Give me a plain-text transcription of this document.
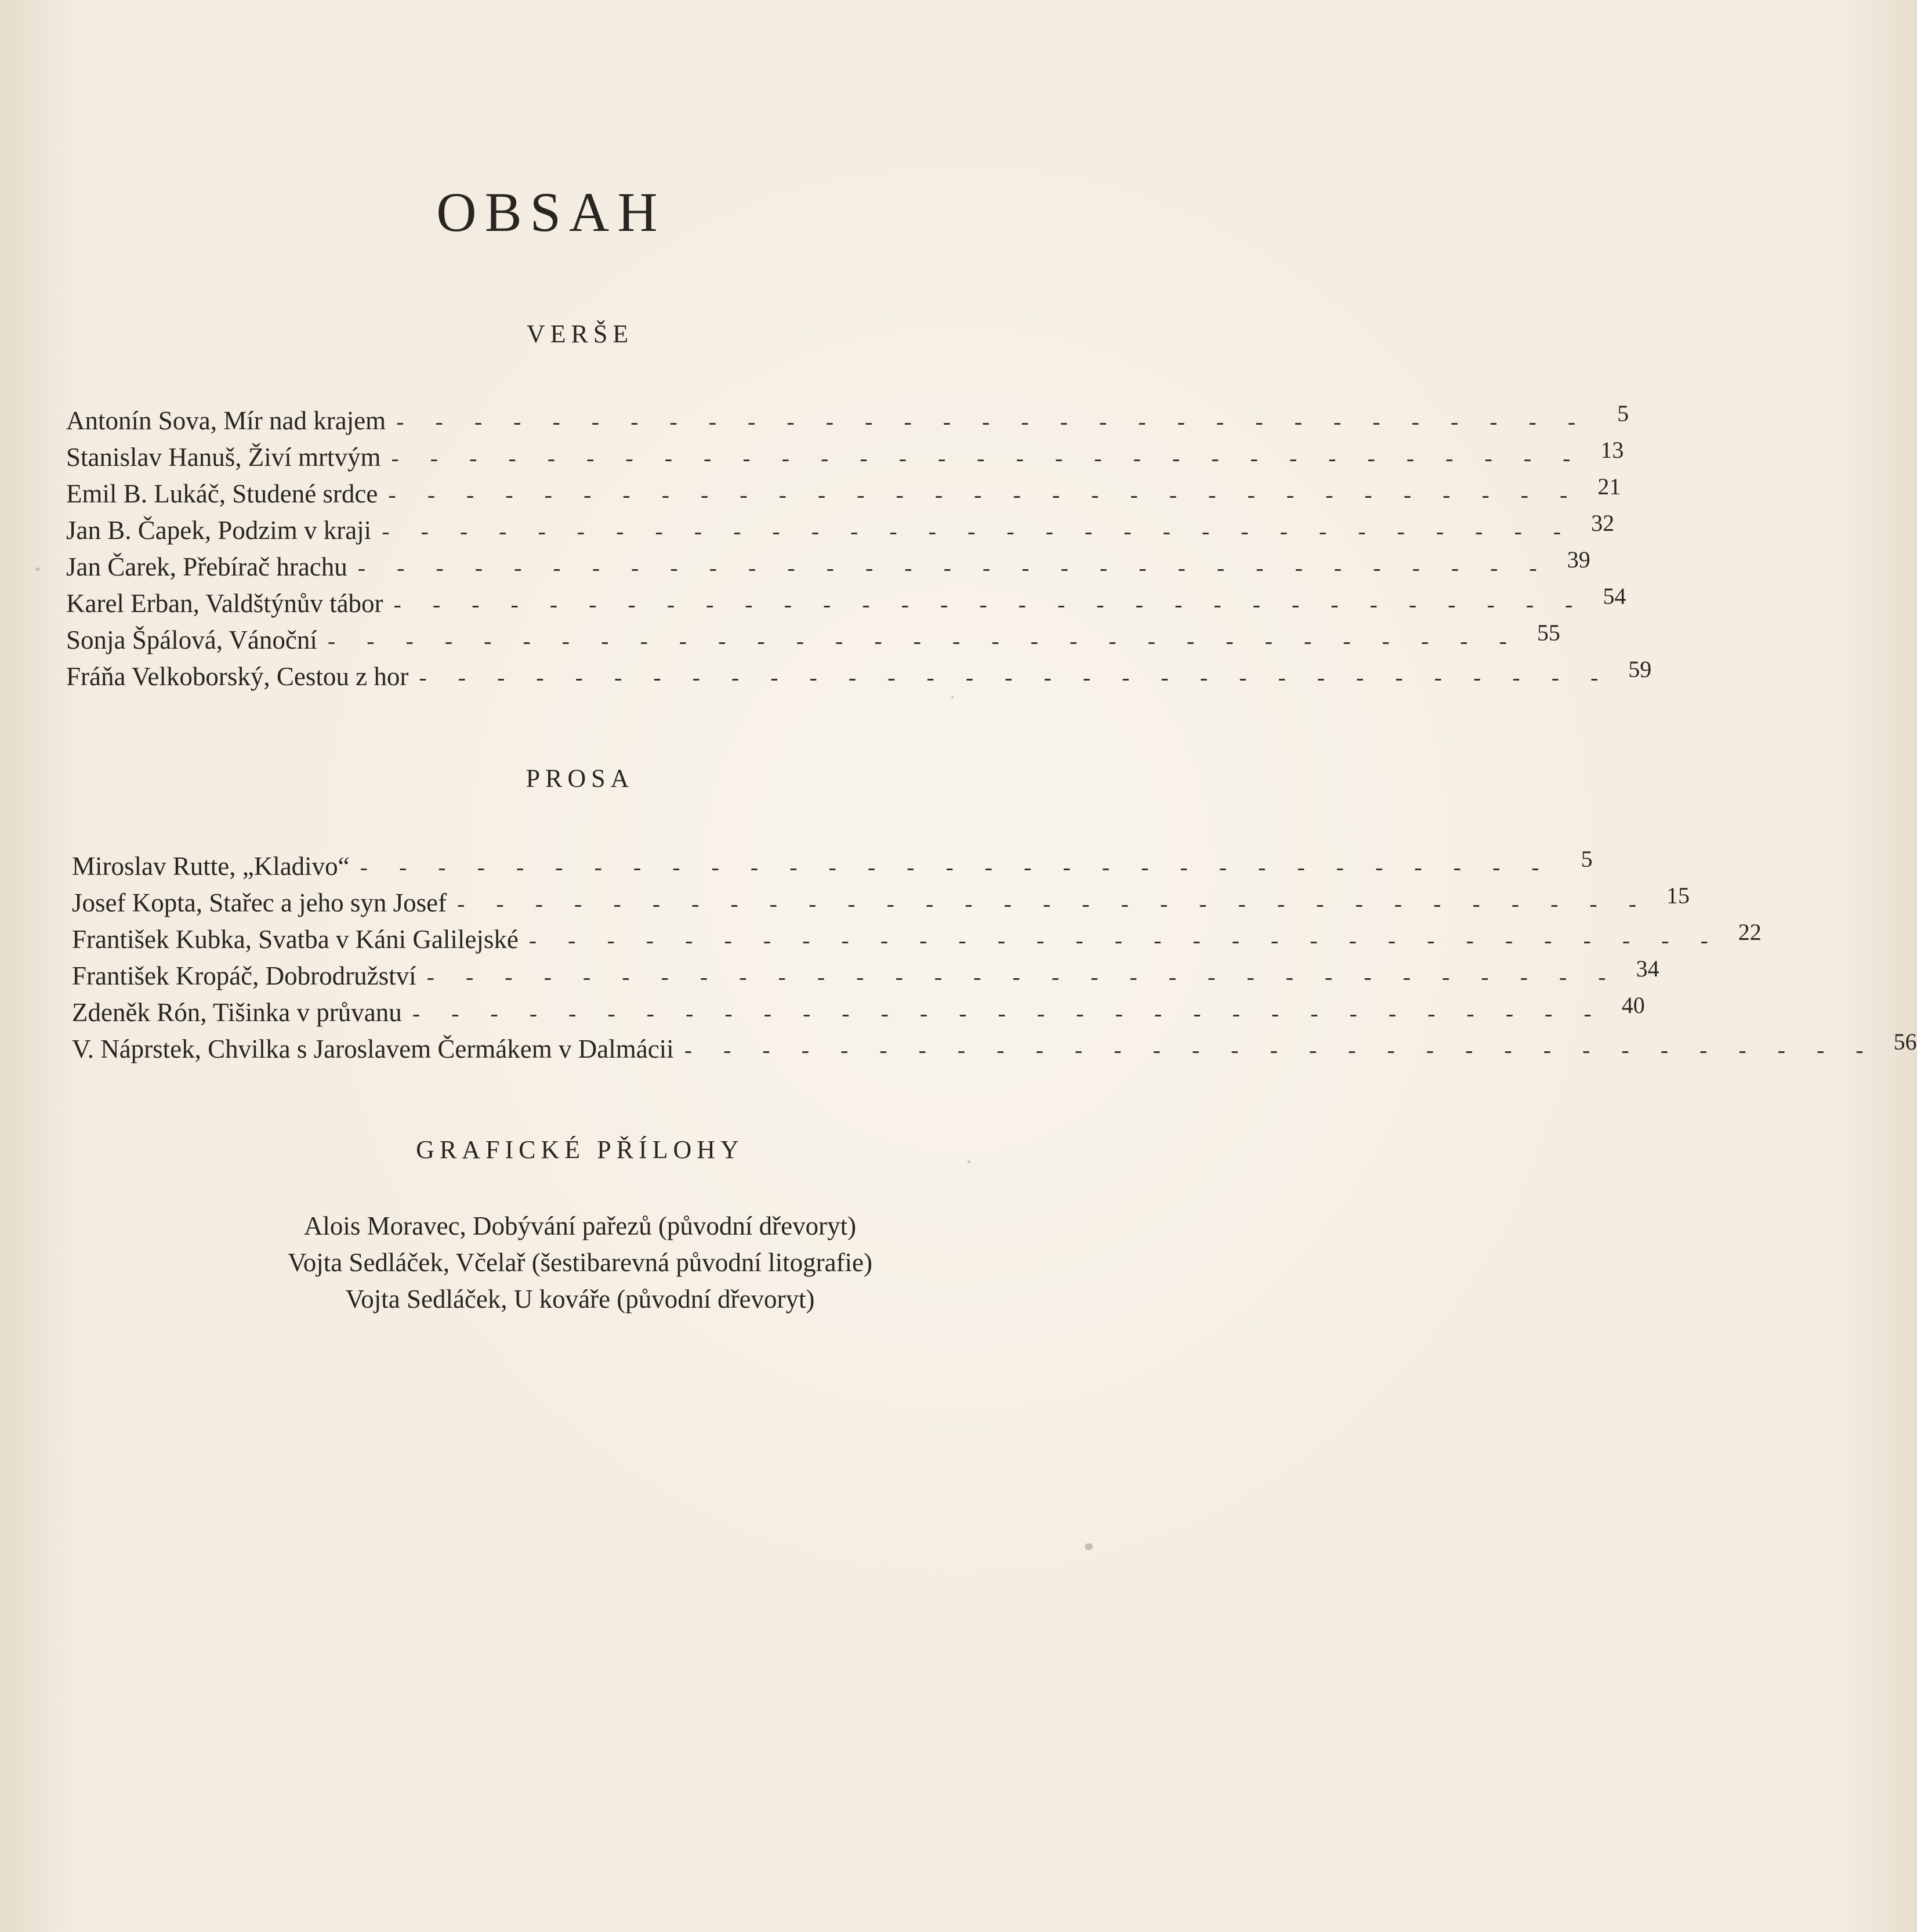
OBSAH
VERŠE
Antonín Sova, Mír nad krajem - - - - - - - - - - - - - - - - - - - - - - - - - - - - - - -	5
Stanislav Hanuš, Živí mrtvým - - - - - - - - - - - - - - - - - - - - - - - - - - - - - - - 13
Emil B. Lukáč, Studené srdce - - - - - - - - - - - - - - - - - - - - - - - - - - - - - - - 21
Jan B. Čapek, Podzim v kraji - - - - - - - - - - - - - - - - - - - - - - - - - - - - - - - 32
Jan Čarek, Přebírač hrachu - - - - - - - - - - - - - - - - - - - - - - - - - - - - - - - 39
Karel Erban, Valdštýnův tábor - - - - - - - - - - - - - - - - - - - - - - - - - - - - - - - 54
Sonja Špálová, Vánoční - - - - - - - - - - - - - - - - - - - - - - - - - - - - - - - 55
Fráňa Velkoborský, Cestou z hor - - - - - - - - - - - - - - - - - - - - - - - - - - - - - - - 59
PROSA
Miroslav Rutte, „Kladivo“ - - - - - - - - - - - - - - - - - - - - - - - - - - - - - - -	5
Josef Kopta, Stařec a jeho syn Josef - - - - - - - - - - - - - - - - - - - - - - - - - - - - - - - 15
František Kubka, Svatba v Káni Galilejské - - - - - - - - - - - - - - - - - - - - - - - - - - - - - - - 22
František Kropáč, Dobrodružství - - - - - - - - - - - - - - - - - - - - - - - - - - - - - - - 34
Zdeněk Rón, Tišinka v průvanu - - - - - - - - - - - - - - - - - - - - - - - - - - - - - - - 40
V. Náprstek, Chvilka s Jaroslavem Čermákem v Dalmácii - - - - - - - - - - - - - - - - - - - - - - - - - - - - - - - 56
GRAFICKÉ PŘÍLOHY
Alois Moravec, Dobývání pařezů (původní dřevoryt)
Vojta Sedláček, Včelař (šestibarevná původní litografie)
Vojta Sedláček, U kováře (původní dřevoryt)
